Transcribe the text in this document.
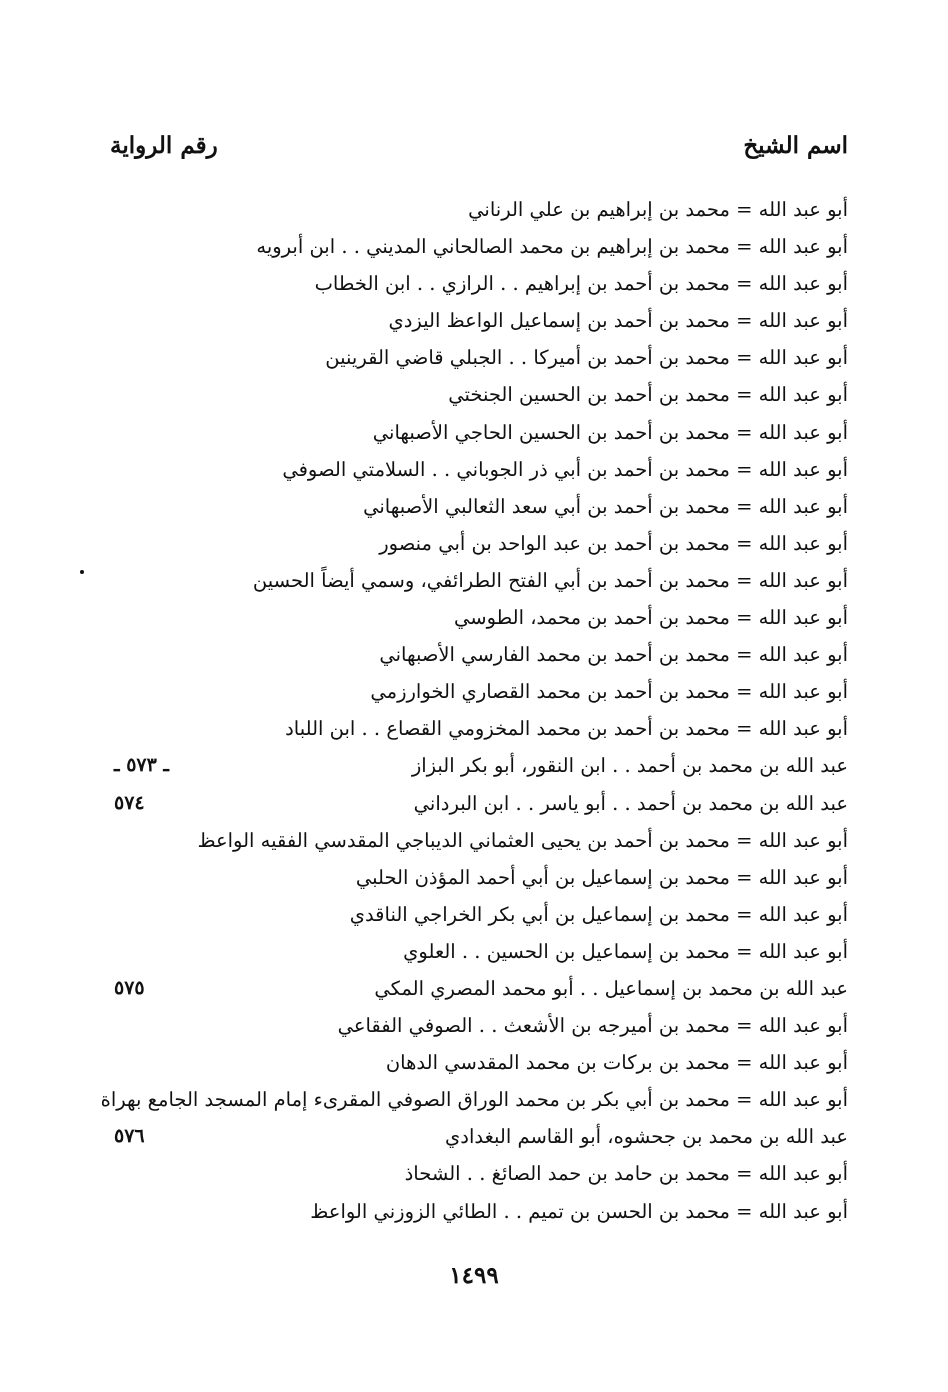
اسم الشيخ
رقم الرواية
أبو عبد الله = محمد بن إبراهيم بن علي الرناني
أبو عبد الله = محمد بن إبراهيم بن محمد الصالحاني المديني . . ابن أبرويه
أبو عبد الله = محمد بن أحمد بن إبراهيم . . الرازي . . ابن الخطاب
أبو عبد الله = محمد بن أحمد بن إسماعيل الواعظ اليزدي
أبو عبد الله = محمد بن أحمد بن أميركا . . الجبلي قاضي القرينين
أبو عبد الله = محمد بن أحمد بن الحسين الجنختي
أبو عبد الله = محمد بن أحمد بن الحسين الحاجي الأصبهاني
أبو عبد الله = محمد بن أحمد بن أبي ذر الجوباني . . السلامتي الصوفي
أبو عبد الله = محمد بن أحمد بن أبي سعد الثعالبي الأصبهاني
أبو عبد الله = محمد بن أحمد بن عبد الواحد بن أبي منصور
أبو عبد الله = محمد بن أحمد بن أبي الفتح الطرائفي، وسمي أيضاً الحسين
أبو عبد الله = محمد بن أحمد بن محمد، الطوسي
أبو عبد الله = محمد بن أحمد بن محمد الفارسي الأصبهاني
أبو عبد الله = محمد بن أحمد بن محمد القصاري الخوارزمي
أبو عبد الله = محمد بن أحمد بن محمد المخزومي القصاع . . ابن اللباد
عبد الله بن محمد بن أحمد . . ابن النقور، أبو بكر البزاز
ـ ٥٧٣ ـ
عبد الله بن محمد بن أحمد . . أبو ياسر . . ابن البرداني
٥٧٤
أبو عبد الله = محمد بن أحمد بن يحيى العثماني الديباجي المقدسي الفقيه الواعظ
أبو عبد الله = محمد بن إسماعيل بن أبي أحمد المؤذن الحلبي
أبو عبد الله = محمد بن إسماعيل بن أبي بكر الخراجي الناقدي
أبو عبد الله = محمد بن إسماعيل بن الحسين . . العلوي
عبد الله بن محمد بن إسماعيل . . أبو محمد المصري المكي
٥٧٥
أبو عبد الله = محمد بن أميرجه بن الأشعث . . الصوفي الفقاعي
أبو عبد الله = محمد بن بركات بن محمد المقدسي الدهان
أبو عبد الله = محمد بن أبي بكر بن محمد الوراق الصوفي المقرىء إمام المسجد الجامع بهراة
عبد الله بن محمد بن جحشوه، أبو القاسم البغدادي
٥٧٦
أبو عبد الله = محمد بن حامد بن حمد الصائغ . . الشحاذ
أبو عبد الله = محمد بن الحسن بن تميم . . الطائي الزوزني الواعظ
١٤٩٩
